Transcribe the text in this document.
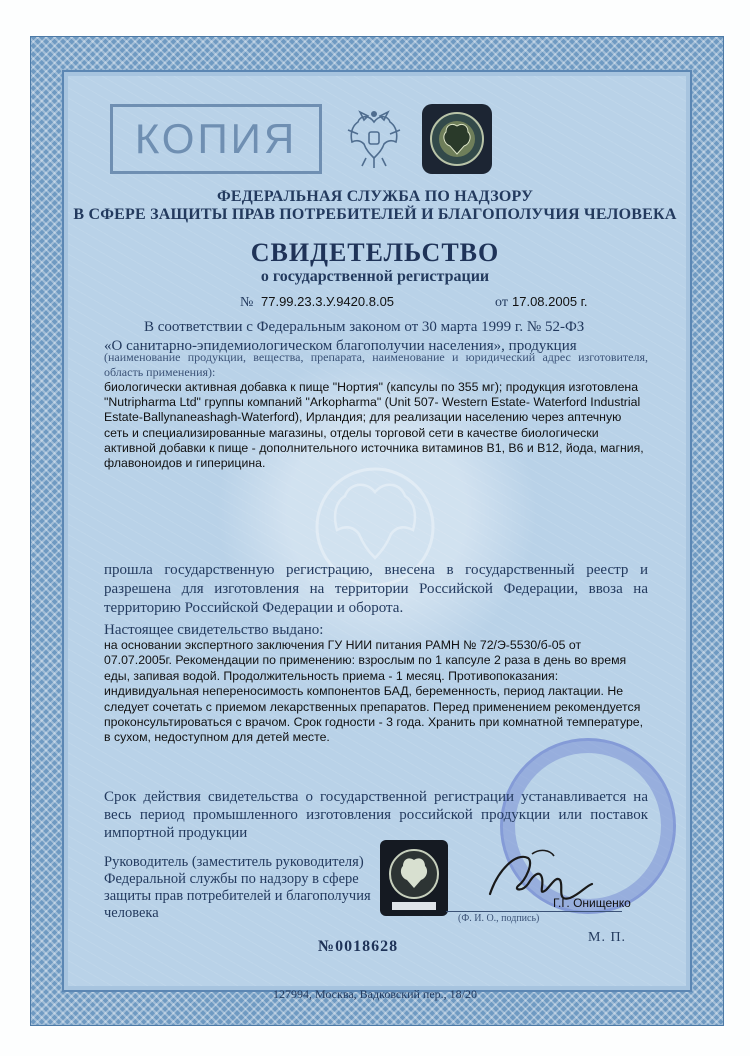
КОПИЯ
ФЕДЕРАЛЬНАЯ СЛУЖБА ПО НАДЗОРУ
В СФЕРЕ ЗАЩИТЫ ПРАВ ПОТРЕБИТЕЛЕЙ И БЛАГОПОЛУЧИЯ ЧЕЛОВЕКА
СВИДЕТЕЛЬСТВО
о государственной регистрации
№ 77.99.23.3.У.9420.8.05	от 17.08.2005 г.
В соответствии с Федеральным законом от 30 марта 1999 г. № 52-ФЗ
«О санитарно-эпидемиологическом благополучии населения», продукция
(наименование продукции, вещества, препарата, наименование и юридический адрес изготовителя, область применения):
биологически активная добавка к пище "Нортия" (капсулы по 355 мг); продукция изготовлена "Nutripharma Ltd" группы компаний "Arkopharma" (Unit 507- Western Estate- Waterford Industrial Estate-Ballynaneashagh-Waterford), Ирландия; для реализации населению через аптечную сеть и специализированные магазины, отделы торговой сети в качестве биологически активной добавки к пище - дополнительного источника витаминов В1, В6 и В12, йода, магния, флавоноидов и гиперицина.
прошла государственную регистрацию, внесена в государственный реестр и разрешена для изготовления на территории Российской Федерации, ввоза на территорию Российской Федерации и оборота.
Настоящее свидетельство выдано:
на основании экспертного заключения ГУ НИИ питания РАМН № 72/Э-5530/б-05 от 07.07.2005г. Рекомендации по применению: взрослым по 1 капсуле 2 раза в день во время еды, запивая водой. Продолжительность приема - 1 месяц. Противопоказания: индивидуальная непереносимость компонентов БАД, беременность, период лактации. Не следует сочетать с приемом лекарственных препаратов. Перед применением рекомендуется проконсультироваться с врачом. Срок годности - 3 года. Хранить при комнатной температуре, в сухом, недоступном для детей месте.
Срок действия свидетельства о государственной регистрации устанавливается на весь период промышленного изготовления российской продукции или поставок импортной продукции
Руководитель (заместитель руководителя) Федеральной службы по надзору в сфере защиты прав потребителей и благополучия человека
Г.Г. Онищенко
(Ф. И. О., подпись)
№0018628
М. П.
127994, Москва, Вадковский пер., 18/20
